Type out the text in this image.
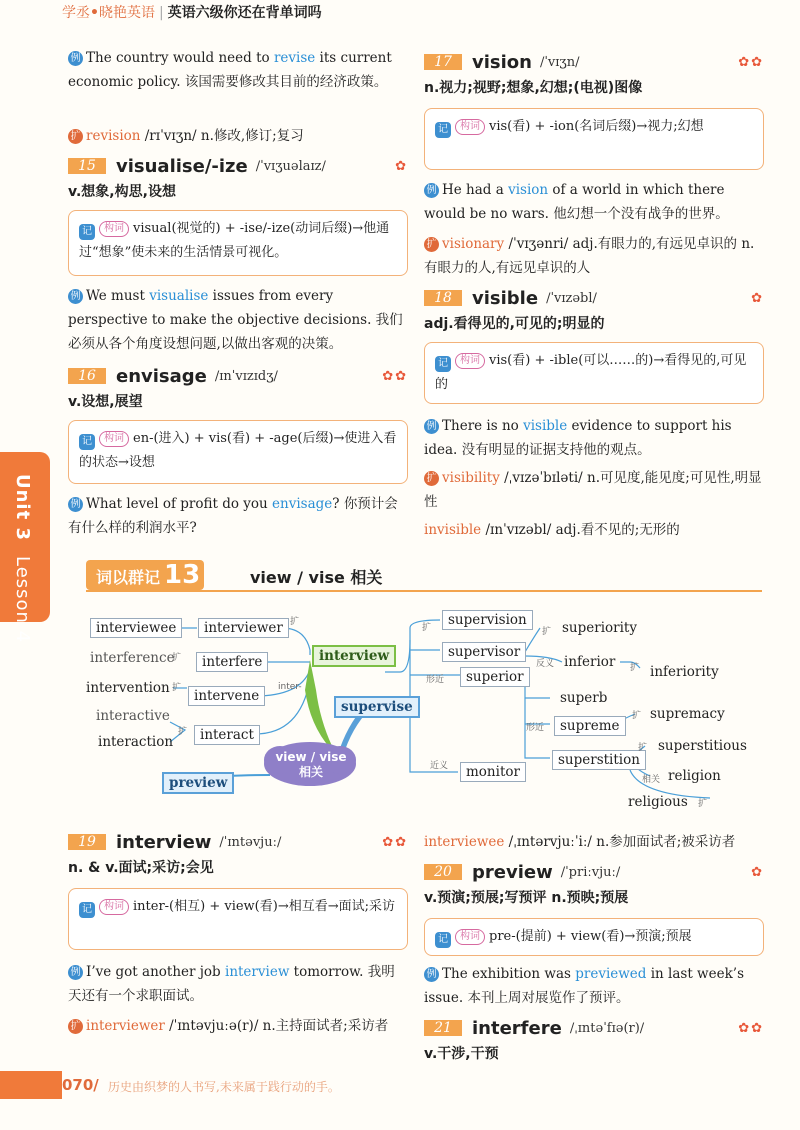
学丞•晓艳英语 | 英语六级你还在背单词吗
例 The country would need to revise its current economic policy. 该国需要修改其目前的经济政策。
扩 revision /rɪˈvɪʒn/ n.修改,修订;复习
15	visualise/-ize /ˈvɪʒuəlaɪz/	✿
v.想象,构思,设想
记 构词 visual(视觉的) + -ise/-ize(动词后缀)→他通过“想象”使未来的生活情景可视化。
例 We must visualise issues from every perspective to make the objective decisions. 我们必须从各个角度设想问题,以做出客观的决策。
16	envisage /ɪnˈvɪzɪdʒ/	✿✿
v.设想,展望
记 构词 en-(进入) + vis(看) + -age(后缀)→使进入看的状态→设想
例 What level of profit do you envisage? 你预计会有什么样的利润水平?
17	vision /ˈvɪʒn/	✿✿
n.视力;视野;想象,幻想;(电视)图像
记 构词 vis(看) + -ion(名词后缀)→视力;幻想
例 He had a vision of a world in which there would be no wars. 他幻想一个没有战争的世界。
扩 visionary /ˈvɪʒənri/ adj.有眼力的,有远见卓识的 n.有眼力的人,有远见卓识的人
18	visible /ˈvɪzəbl/	✿
adj.看得见的,可见的;明显的
记 构词 vis(看) + -ible(可以……的)→看得见的,可见的
例 There is no visible evidence to support his idea. 没有明显的证据支持他的观点。
扩 visibility /ˌvɪzəˈbɪləti/ n.可见度,能见度;可见性,明显性
invisible /ɪnˈvɪzəbl/ adj.看不见的;无形的
Unit 3 Lesson 4	词以群记 13	view / vise 相关
interviewee	interviewer 扩
interview
interference
扩	interfere
intervention 扩 intervene
inter-
interactive
扩
interaction	interact
supervise
view / vise
相关
preview
扩	supervision
supervisor
形近	superior
扩 superiority
反义 inferior 扩 inferiority
形近
superb
supreme
扩 supremacy
superstition
扩 superstitious
相关 religion
religious 扩
近义	monitor
19	interview /ˈɪntəvjuː/	✿✿
n. & v.面试;采访;会见
记 构词 inter-(相互) + view(看)→相互看→面试;采访
例 I’ve got another job interview tomorrow. 我明天还有一个求职面试。
扩 interviewer /ˈɪntəvjuːə(r)/ n.主持面试者;采访者
interviewee /ˌɪntərvjuːˈiː/ n.参加面试者;被采访者
20	preview /ˈpriːvjuː/	✿
v.预演;预展;写预评 n.预映;预展
记 构词 pre-(提前) + view(看)→预演;预展
例 The exhibition was previewed in last week’s issue. 本刊上周对展览作了预评。
21	interfere /ˌɪntəˈfɪə(r)/	✿✿
v.干涉,干预
070/ 历史由织梦的人书写,未来属于践行动的手。
